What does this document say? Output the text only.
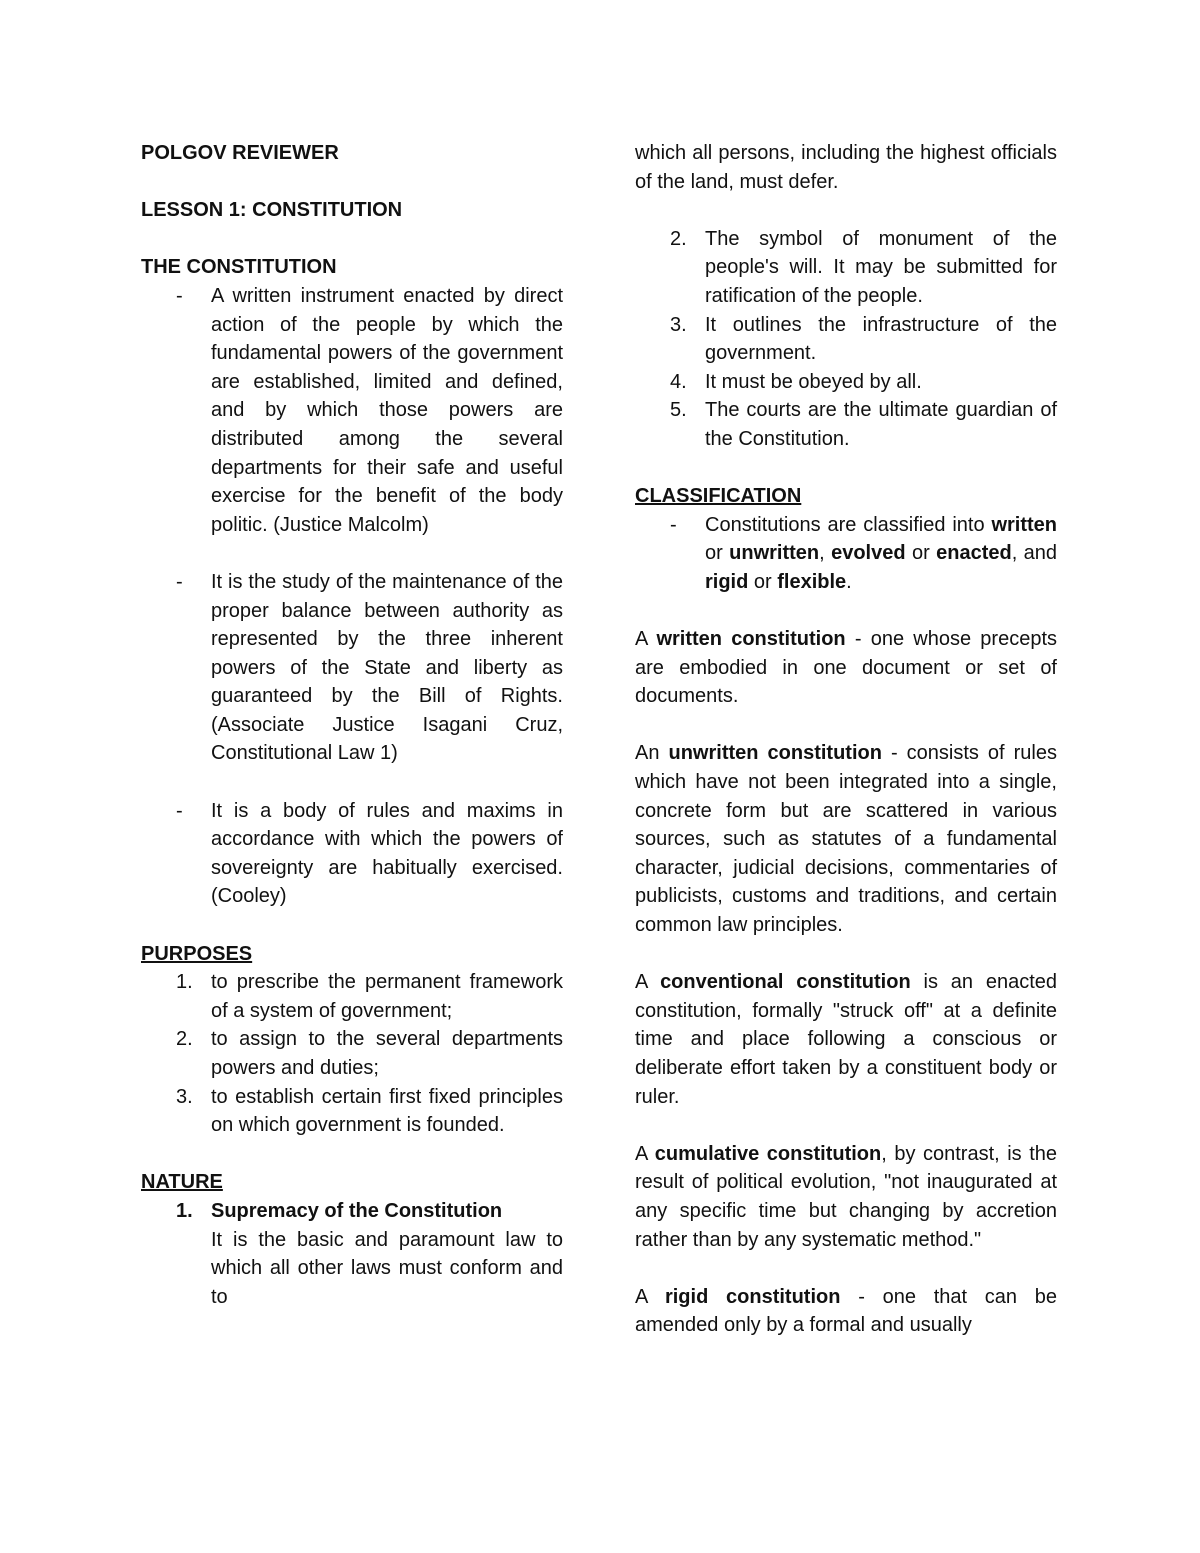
POLGOV REVIEWER

LESSON 1: CONSTITUTION

THE CONSTITUTION

- A written instrument enacted by direct action of the people by which the fundamental powers of the government are established, limited and defined, and by which those powers are distributed among the several departments for their safe and useful exercise for the benefit of the body politic. (Justice Malcolm)
- It is the study of the maintenance of the proper balance between authority as represented by the three inherent powers of the State and liberty as guaranteed by the Bill of Rights. (Associate Justice Isagani Cruz, Constitutional Law 1)
- It is a body of rules and maxims in accordance with which the powers of sovereignty are habitually exercised. (Cooley)

PURPOSES

1. to prescribe the permanent framework of a system of government;
2. to assign to the several departments powers and duties;
3. to establish certain first fixed principles on which government is founded.

NATURE

1. Supremacy of the Constitution
It is the basic and paramount law to which all other laws must conform and to

which all persons, including the highest officials of the land, must defer.

2. The symbol of monument of the people's will. It may be submitted for ratification of the people.
3. It outlines the infrastructure of the government.
4. It must be obeyed by all.
5. The courts are the ultimate guardian of the Constitution.

CLASSIFICATION

- Constitutions are classified into written or unwritten, evolved or enacted, and rigid or flexible.

A written constitution - one whose precepts are embodied in one document or set of documents.

An unwritten constitution - consists of rules which have not been integrated into a single, concrete form but are scattered in various sources, such as statutes of a fundamental character, judicial decisions, commentaries of publicists, customs and traditions, and certain common law principles.

A conventional constitution is an enacted constitution, formally "struck off" at a definite time and place following a conscious or deliberate effort taken by a constituent body or ruler.

A cumulative constitution, by contrast, is the result of political evolution, "not inaugurated at any specific time but changing by accretion rather than by any systematic method."

A rigid constitution - one that can be amended only by a formal and usually
